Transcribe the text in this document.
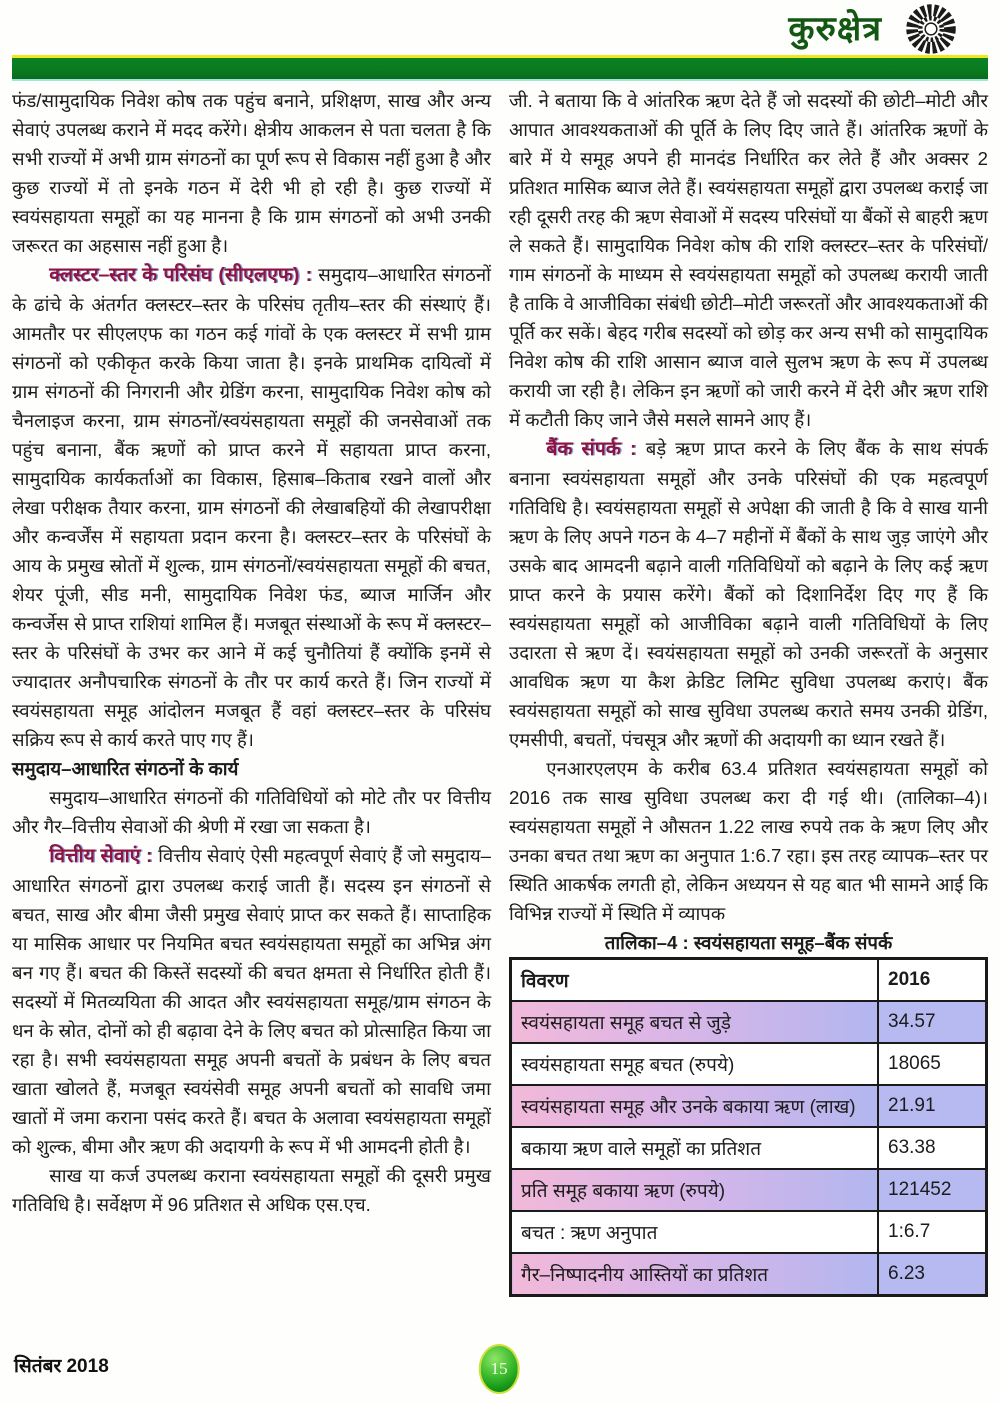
कुरुक्षेत्र

फंड/सामुदायिक निवेश कोष तक पहुंच बनाने, प्रशिक्षण, साख और अन्य सेवाएं उपलब्ध कराने में मदद करेंगे। क्षेत्रीय आकलन से पता चलता है कि सभी राज्यों में अभी ग्राम संगठनों का पूर्ण रूप से विकास नहीं हुआ है और कुछ राज्यों में तो इनके गठन में देरी भी हो रही है। कुछ राज्यों में स्वयंसहायता समूहों का यह मानना है कि ग्राम संगठनों को अभी उनकी जरूरत का अहसास नहीं हुआ है।

क्लस्टर–स्तर के परिसंघ (सीएलएफ) : समुदाय–आधारित संगठनों के ढांचे के अंतर्गत क्लस्टर–स्तर के परिसंघ तृतीय–स्तर की संस्थाएं हैं। आमतौर पर सीएलएफ का गठन कई गांवों के एक क्लस्टर में सभी ग्राम संगठनों को एकीकृत करके किया जाता है। इनके प्राथमिक दायित्वों में ग्राम संगठनों की निगरानी और ग्रेडिंग करना, सामुदायिक निवेश कोष को चैनलाइज करना, ग्राम संगठनों/स्वयंसहायता समूहों की जनसेवाओं तक पहुंच बनाना, बैंक ऋणों को प्राप्त करने में सहायता प्राप्त करना, सामुदायिक कार्यकर्ताओं का विकास, हिसाब–किताब रखने वालों और लेखा परीक्षक तैयार करना, ग्राम संगठनों की लेखाबहियों की लेखापरीक्षा और कन्वर्जेंस में सहायता प्रदान करना है। क्लस्टर–स्तर के परिसंघों के आय के प्रमुख स्रोतों में शुल्क, ग्राम संगठनों/स्वयंसहायता समूहों की बचत, शेयर पूंजी, सीड मनी, सामुदायिक निवेश फंड, ब्याज मार्जिन और कन्वर्जेस से प्राप्त राशियां शामिल हैं। मजबूत संस्थाओं के रूप में क्लस्टर–स्तर के परिसंघों के उभर कर आने में कई चुनौतियां हैं क्योंकि इनमें से ज्यादातर अनौपचारिक संगठनों के तौर पर कार्य करते हैं। जिन राज्यों में स्वयंसहायता समूह आंदोलन मजबूत हैं वहां क्लस्टर–स्तर के परिसंघ सक्रिय रूप से कार्य करते पाए गए हैं।

समुदाय–आधारित संगठनों के कार्य

समुदाय–आधारित संगठनों की गतिविधियों को मोटे तौर पर वित्तीय और गैर–वित्तीय सेवाओं की श्रेणी में रखा जा सकता है।

वित्तीय सेवाएं : वित्तीय सेवाएं ऐसी महत्वपूर्ण सेवाएं हैं जो समुदाय–आधारित संगठनों द्वारा उपलब्ध कराई जाती हैं। सदस्य इन संगठनों से बचत, साख और बीमा जैसी प्रमुख सेवाएं प्राप्त कर सकते हैं। साप्ताहिक या मासिक आधार पर नियमित बचत स्वयंसहायता समूहों का अभिन्न अंग बन गए हैं। बचत की किस्तें सदस्यों की बचत क्षमता से निर्धारित होती हैं। सदस्यों में मितव्ययिता की आदत और स्वयंसहायता समूह/ग्राम संगठन के धन के स्रोत, दोनों को ही बढ़ावा देने के लिए बचत को प्रोत्साहित किया जा रहा है। सभी स्वयंसहायता समूह अपनी बचतों के प्रबंधन के लिए बचत खाता खोलते हैं, मजबूत स्वयंसेवी समूह अपनी बचतों को सावधि जमा खातों में जमा कराना पसंद करते हैं। बचत के अलावा स्वयंसहायता समूहों को शुल्क, बीमा और ऋण की अदायगी के रूप में भी आमदनी होती है।

साख या कर्ज उपलब्ध कराना स्वयंसहायता समूहों की दूसरी प्रमुख गतिविधि है। सर्वेक्षण में 96 प्रतिशत से अधिक एस.एच.

जी. ने बताया कि वे आंतरिक ऋण देते हैं जो सदस्यों की छोटी–मोटी और आपात आवश्यकताओं की पूर्ति के लिए दिए जाते हैं। आंतरिक ऋणों के बारे में ये समूह अपने ही मानदंड निर्धारित कर लेते हैं और अक्सर 2 प्रतिशत मासिक ब्याज लेते हैं। स्वयंसहायता समूहों द्वारा उपलब्ध कराई जा रही दूसरी तरह की ऋण सेवाओं में सदस्य परिसंघों या बैंकों से बाहरी ऋण ले सकते हैं। सामुदायिक निवेश कोष की राशि क्लस्टर–स्तर के परिसंघों/गाम संगठनों के माध्यम से स्वयंसहायता समूहों को उपलब्ध करायी जाती है ताकि वे आजीविका संबंधी छोटी–मोटी जरूरतों और आवश्यकताओं की पूर्ति कर सकें। बेहद गरीब सदस्यों को छोड़ कर अन्य सभी को सामुदायिक निवेश कोष की राशि आसान ब्याज वाले सुलभ ऋण के रूप में उपलब्ध करायी जा रही है। लेकिन इन ऋणों को जारी करने में देरी और ऋण राशि में कटौती किए जाने जैसे मसले सामने आए हैं।

बैंक संपर्क : बड़े ऋण प्राप्त करने के लिए बैंक के साथ संपर्क बनाना स्वयंसहायता समूहों और उनके परिसंघों की एक महत्वपूर्ण गतिविधि है। स्वयंसहायता समूहों से अपेक्षा की जाती है कि वे साख यानी ऋण के लिए अपने गठन के 4–7 महीनों में बैंकों के साथ जुड़ जाएंगे और उसके बाद आमदनी बढ़ाने वाली गतिविधियों को बढ़ाने के लिए कई ऋण प्राप्त करने के प्रयास करेंगे। बैंकों को दिशानिर्देश दिए गए हैं कि स्वयंसहायता समूहों को आजीविका बढ़ाने वाली गतिविधियों के लिए उदारता से ऋण दें। स्वयंसहायता समूहों को उनकी जरूरतों के अनुसार आवधिक ऋण या कैश क्रेडिट लिमिट सुविधा उपलब्ध कराएं। बैंक स्वयंसहायता समूहों को साख सुविधा उपलब्ध कराते समय उनकी ग्रेडिंग, एमसीपी, बचतों, पंचसूत्र और ऋणों की अदायगी का ध्यान रखते हैं।

एनआरएलएम के करीब 63.4 प्रतिशत स्वयंसहायता समूहों को 2016 तक साख सुविधा उपलब्ध करा दी गई थी। (तालिका–4)। स्वयंसहायता समूहों ने औसतन 1.22 लाख रुपये तक के ऋण लिए और उनका बचत तथा ऋण का अनुपात 1:6.7 रहा। इस तरह व्यापक–स्तर पर स्थिति आकर्षक लगती हो, लेकिन अध्ययन से यह बात भी सामने आई कि विभिन्न राज्यों में स्थिति में व्यापक

तालिका–4 : स्वयंसहायता समूह–बैंक संपर्क

विवरण	2016
स्वयंसहायता समूह बचत से जुड़े	34.57
स्वयंसहायता समूह बचत (रुपये)	18065
स्वयंसहायता समूह और उनके बकाया ऋण (लाख)	21.91
बकाया ऋण वाले समूहों का प्रतिशत	63.38
प्रति समूह बकाया ऋण (रुपये)	121452
बचत : ऋण अनुपात	1:6.7
गैर–निष्पादनीय आस्तियों का प्रतिशत	6.23
सितंबर 2018	15
